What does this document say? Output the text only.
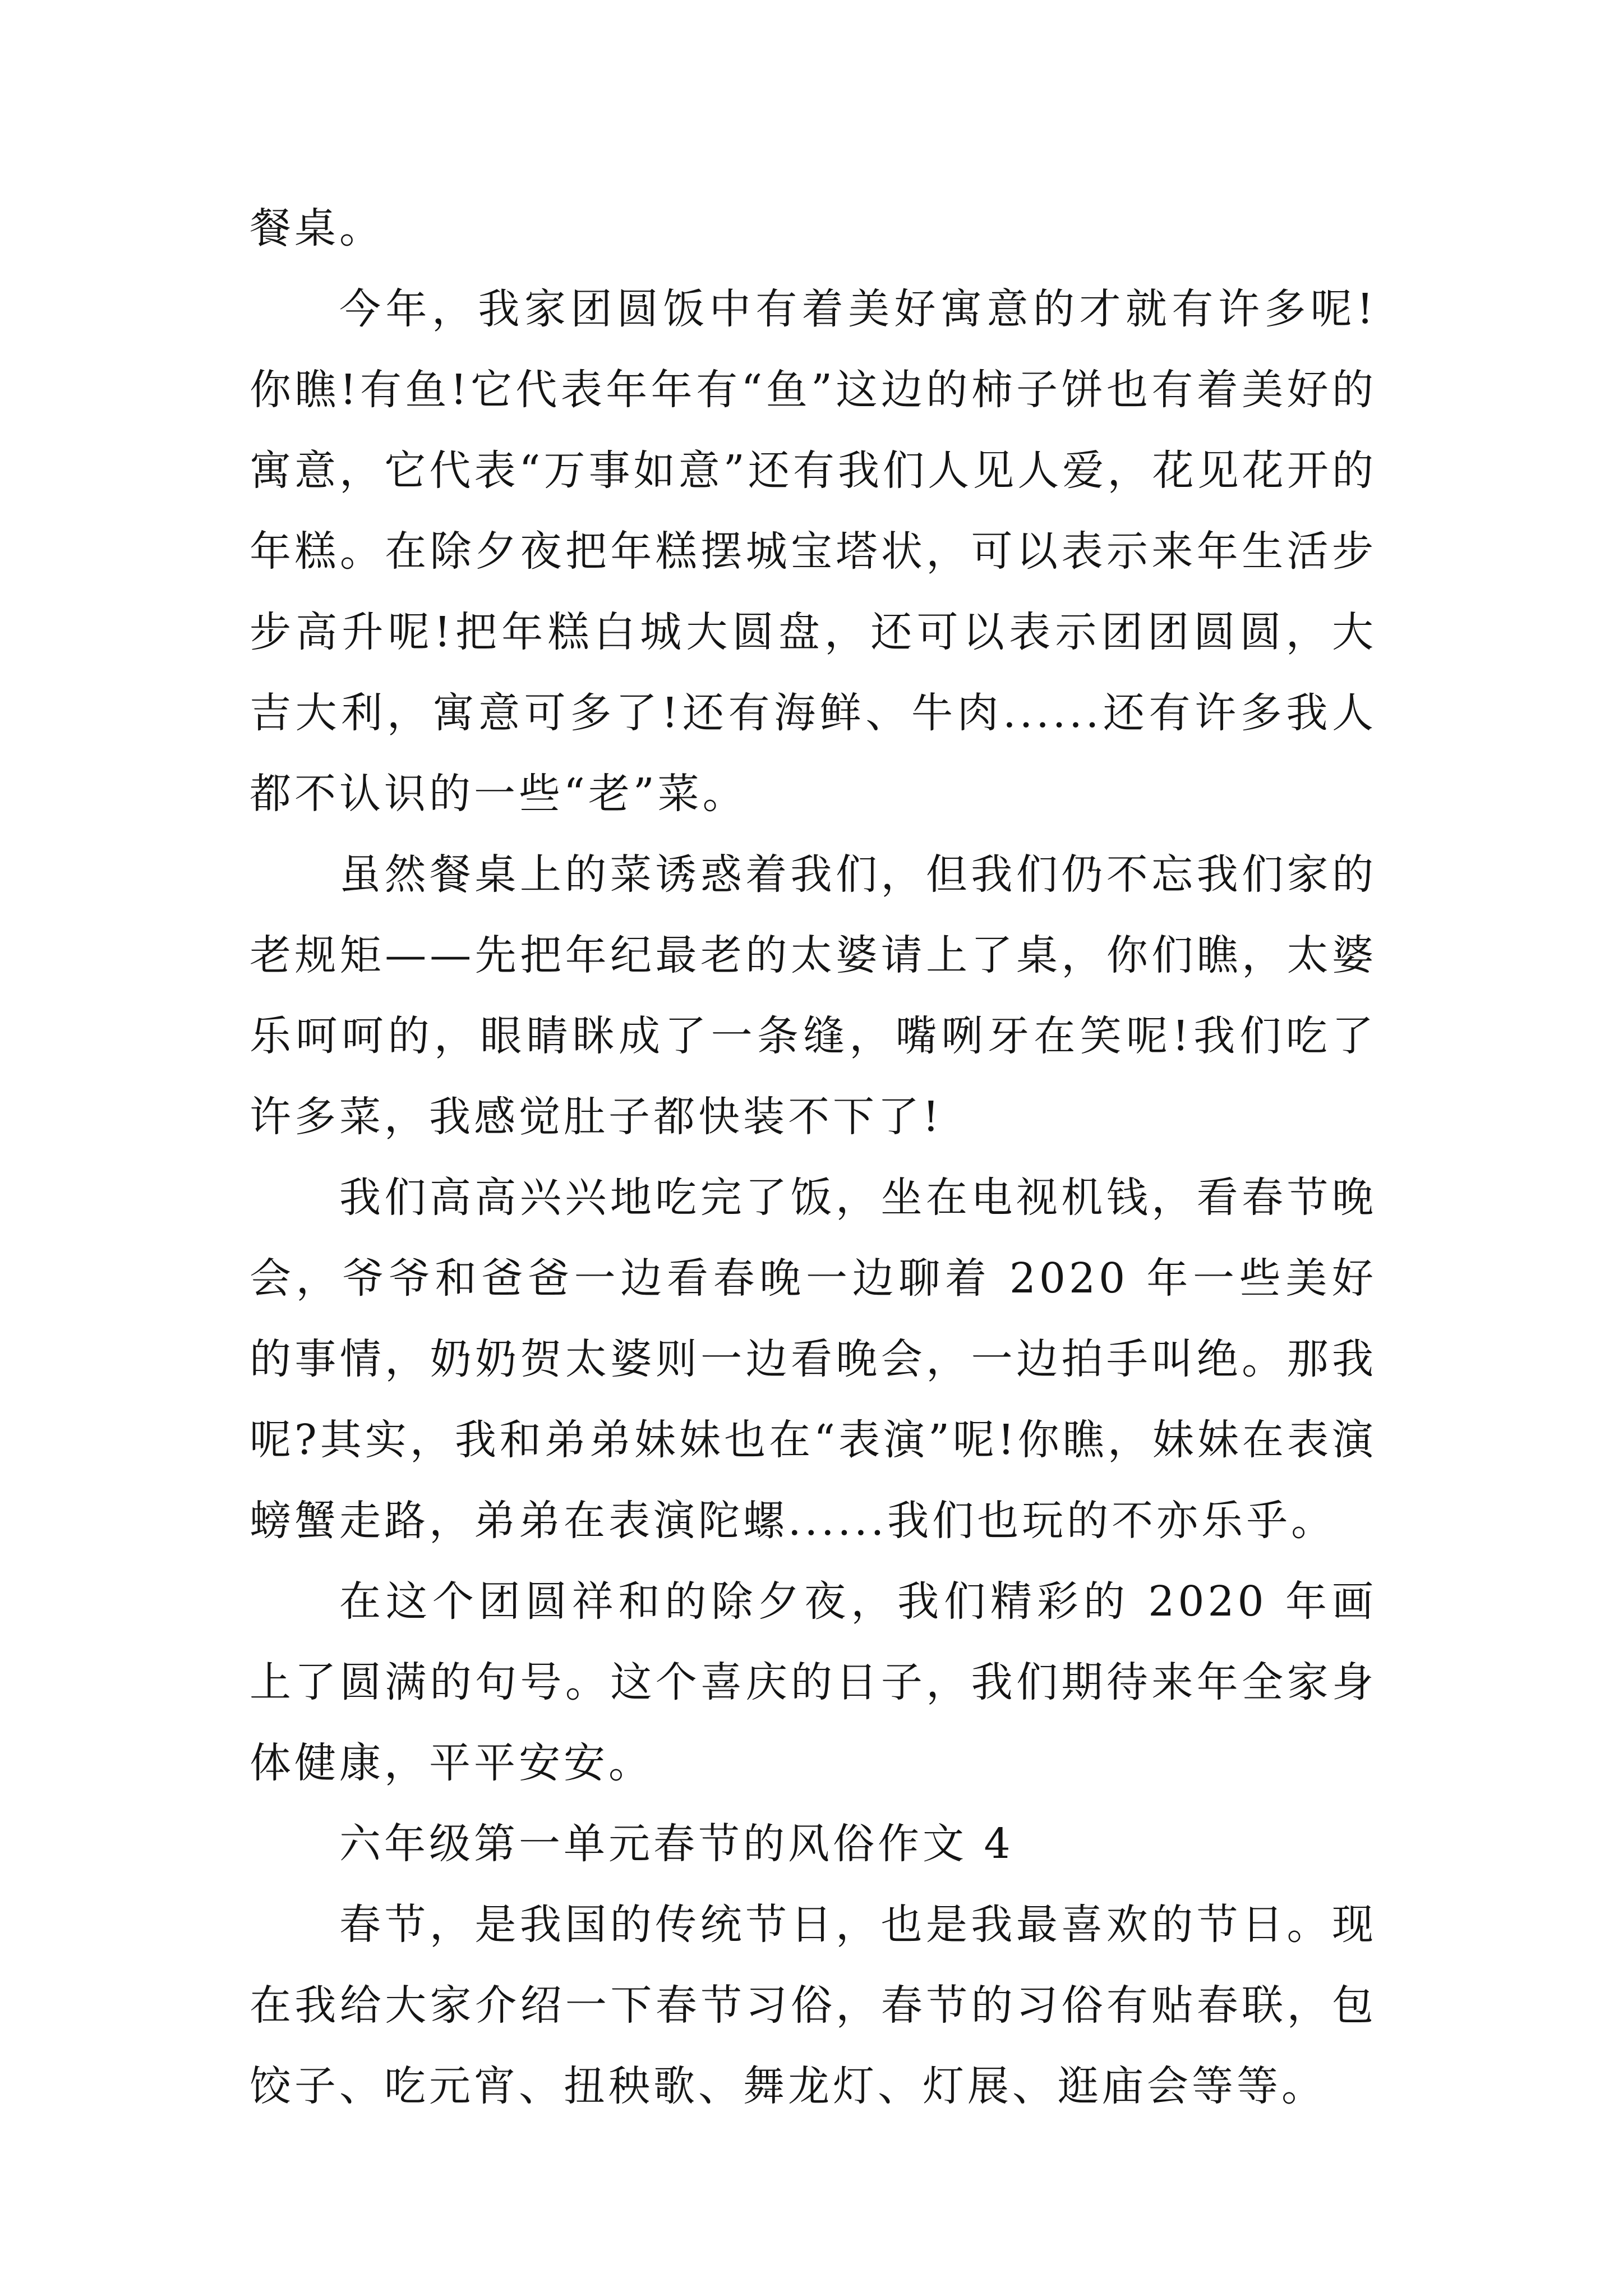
餐桌。

今年，我家团圆饭中有着美好寓意的才就有许多呢!你瞧!有鱼!它代表年年有“鱼”这边的柿子饼也有着美好的寓意，它代表“万事如意”还有我们人见人爱，花见花开的年糕。在除夕夜把年糕摆城宝塔状，可以表示来年生活步步高升呢!把年糕白城大圆盘，还可以表示团团圆圆，大吉大利，寓意可多了!还有海鲜、牛肉......还有许多我人都不认识的一些“老”菜。

虽然餐桌上的菜诱惑着我们，但我们仍不忘我们家的老规矩——先把年纪最老的太婆请上了桌，你们瞧，太婆乐呵呵的，眼睛眯成了一条缝，嘴咧牙在笑呢!我们吃了许多菜，我感觉肚子都快装不下了!

我们高高兴兴地吃完了饭，坐在电视机钱，看春节晚会，爷爷和爸爸一边看春晚一边聊着 2020 年一些美好的事情，奶奶贺太婆则一边看晚会，一边拍手叫绝。那我呢?其实，我和弟弟妹妹也在“表演”呢!你瞧，妹妹在表演螃蟹走路，弟弟在表演陀螺......我们也玩的不亦乐乎。

在这个团圆祥和的除夕夜，我们精彩的 2020 年画上了圆满的句号。这个喜庆的日子，我们期待来年全家身体健康，平平安安。

六年级第一单元春节的风俗作文 4

春节，是我国的传统节日，也是我最喜欢的节日。现在我给大家介绍一下春节习俗，春节的习俗有贴春联，包饺子、吃元宵、扭秧歌、舞龙灯、灯展、逛庙会等等。
